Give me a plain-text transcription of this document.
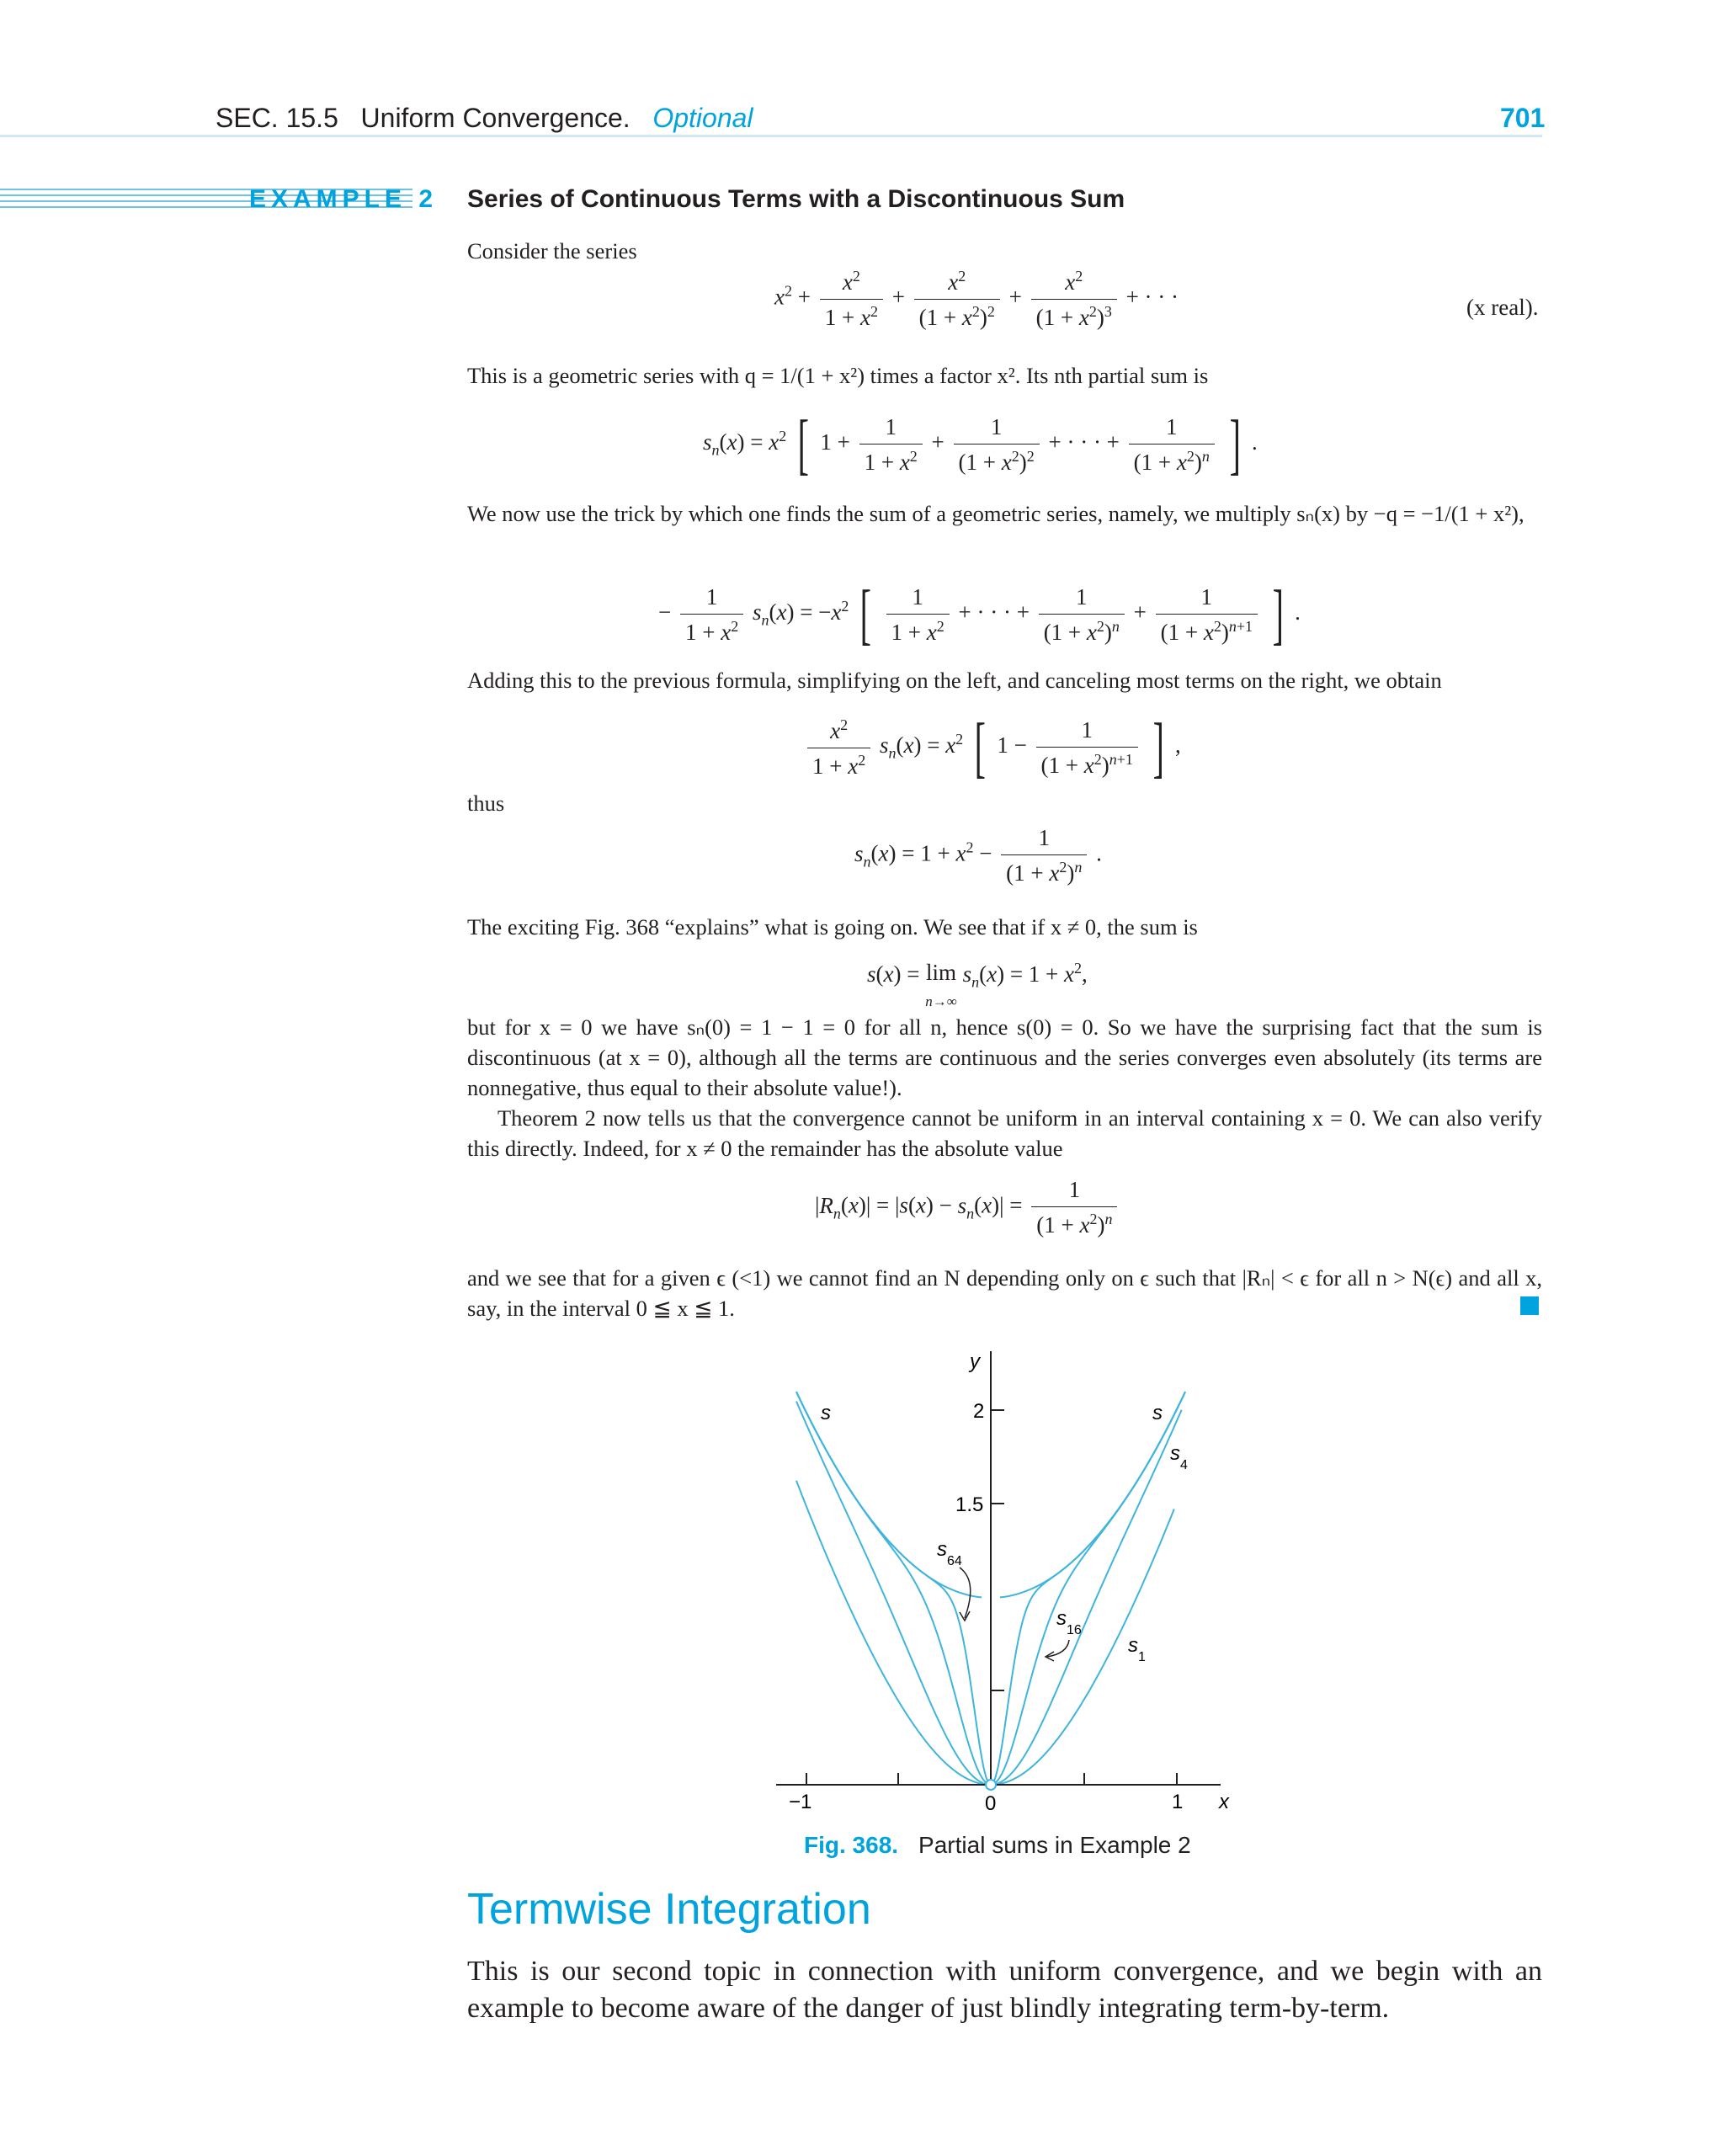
SEC. 15.5 Uniform Convergence. Optional	701
EXAMPLE 2 Series of Continuous Terms with a Discontinuous Sum
Consider the series
$x^2 + \frac{x^2}{1 + x^2} + \frac{x^2}{(1 + x^2)^2} + \frac{x^2}{(1 + x^2)^3}$ + · · ·	(x real).
This is a geometric series with q = 1/(1 + x²) times a factor x². Its nth partial sum is
$s_n(x) = x^2$ [ $1 + \frac{1}{1 + x^2} + \frac{1}{(1 + x^2)^2}$ + · · · + $\frac{1}{(1 + x^2)^n}$ ] .
We now use the trick by which one finds the sum of a geometric series, namely, we multiply sₙ(x) by −q = −1/(1 + x²),
− $\frac{1}{1 + x^2} s_n(x) = -x^2$ [ $\frac{1}{1 + x^2}$ + · · · + $\frac{1}{(1 + x^2)^n} + \frac{1}{(1 + x^2)^{n+1}}$ ] .
Adding this to the previous formula, simplifying on the left, and canceling most terms on the right, we obtain
$\frac{x^2}{1 + x^2} s_n(x) = x^2$ [ $1 - \frac{1}{(1 + x^2)^{n+1}}$ ] ,
thus
$s_n(x) = 1 + x^2 - \frac{1}{(1 + x^2)^n}$ .
The exciting Fig. 368 “explains” what is going on. We see that if x ≠ 0, the sum is
s(x) = lim
n→∞ $s_n(x) = 1 + x^2$,
but for x = 0 we have sₙ(0) = 1 − 1 = 0 for all n, hence s(0) = 0. So we have the surprising fact that the sum is discontinuous (at x = 0), although all the terms are continuous and the series converges even absolutely (its terms are nonnegative, thus equal to their absolute value!).
Theorem 2 now tells us that the convergence cannot be uniform in an interval containing x = 0. We can also verify this directly. Indeed, for x ≠ 0 the remainder has the absolute value
$|R_n(x)| = |s(x) - s_n(x)| = \frac{1}{(1 + x^2)^n}$
and we see that for a given ϵ (<1) we cannot find an N depending only on ϵ such that |Rₙ| < ϵ for all n > N(ϵ) and all x, say, in the interval 0 ≦ x ≦ 1.
−1	0	1 x
y
2
1.5
s	s
s
4
s
64
s
16
s
1
Fig. 368. Partial sums in Example 2
Termwise Integration
This is our second topic in connection with uniform convergence, and we begin with an example to become aware of the danger of just blindly integrating term-by-term.
